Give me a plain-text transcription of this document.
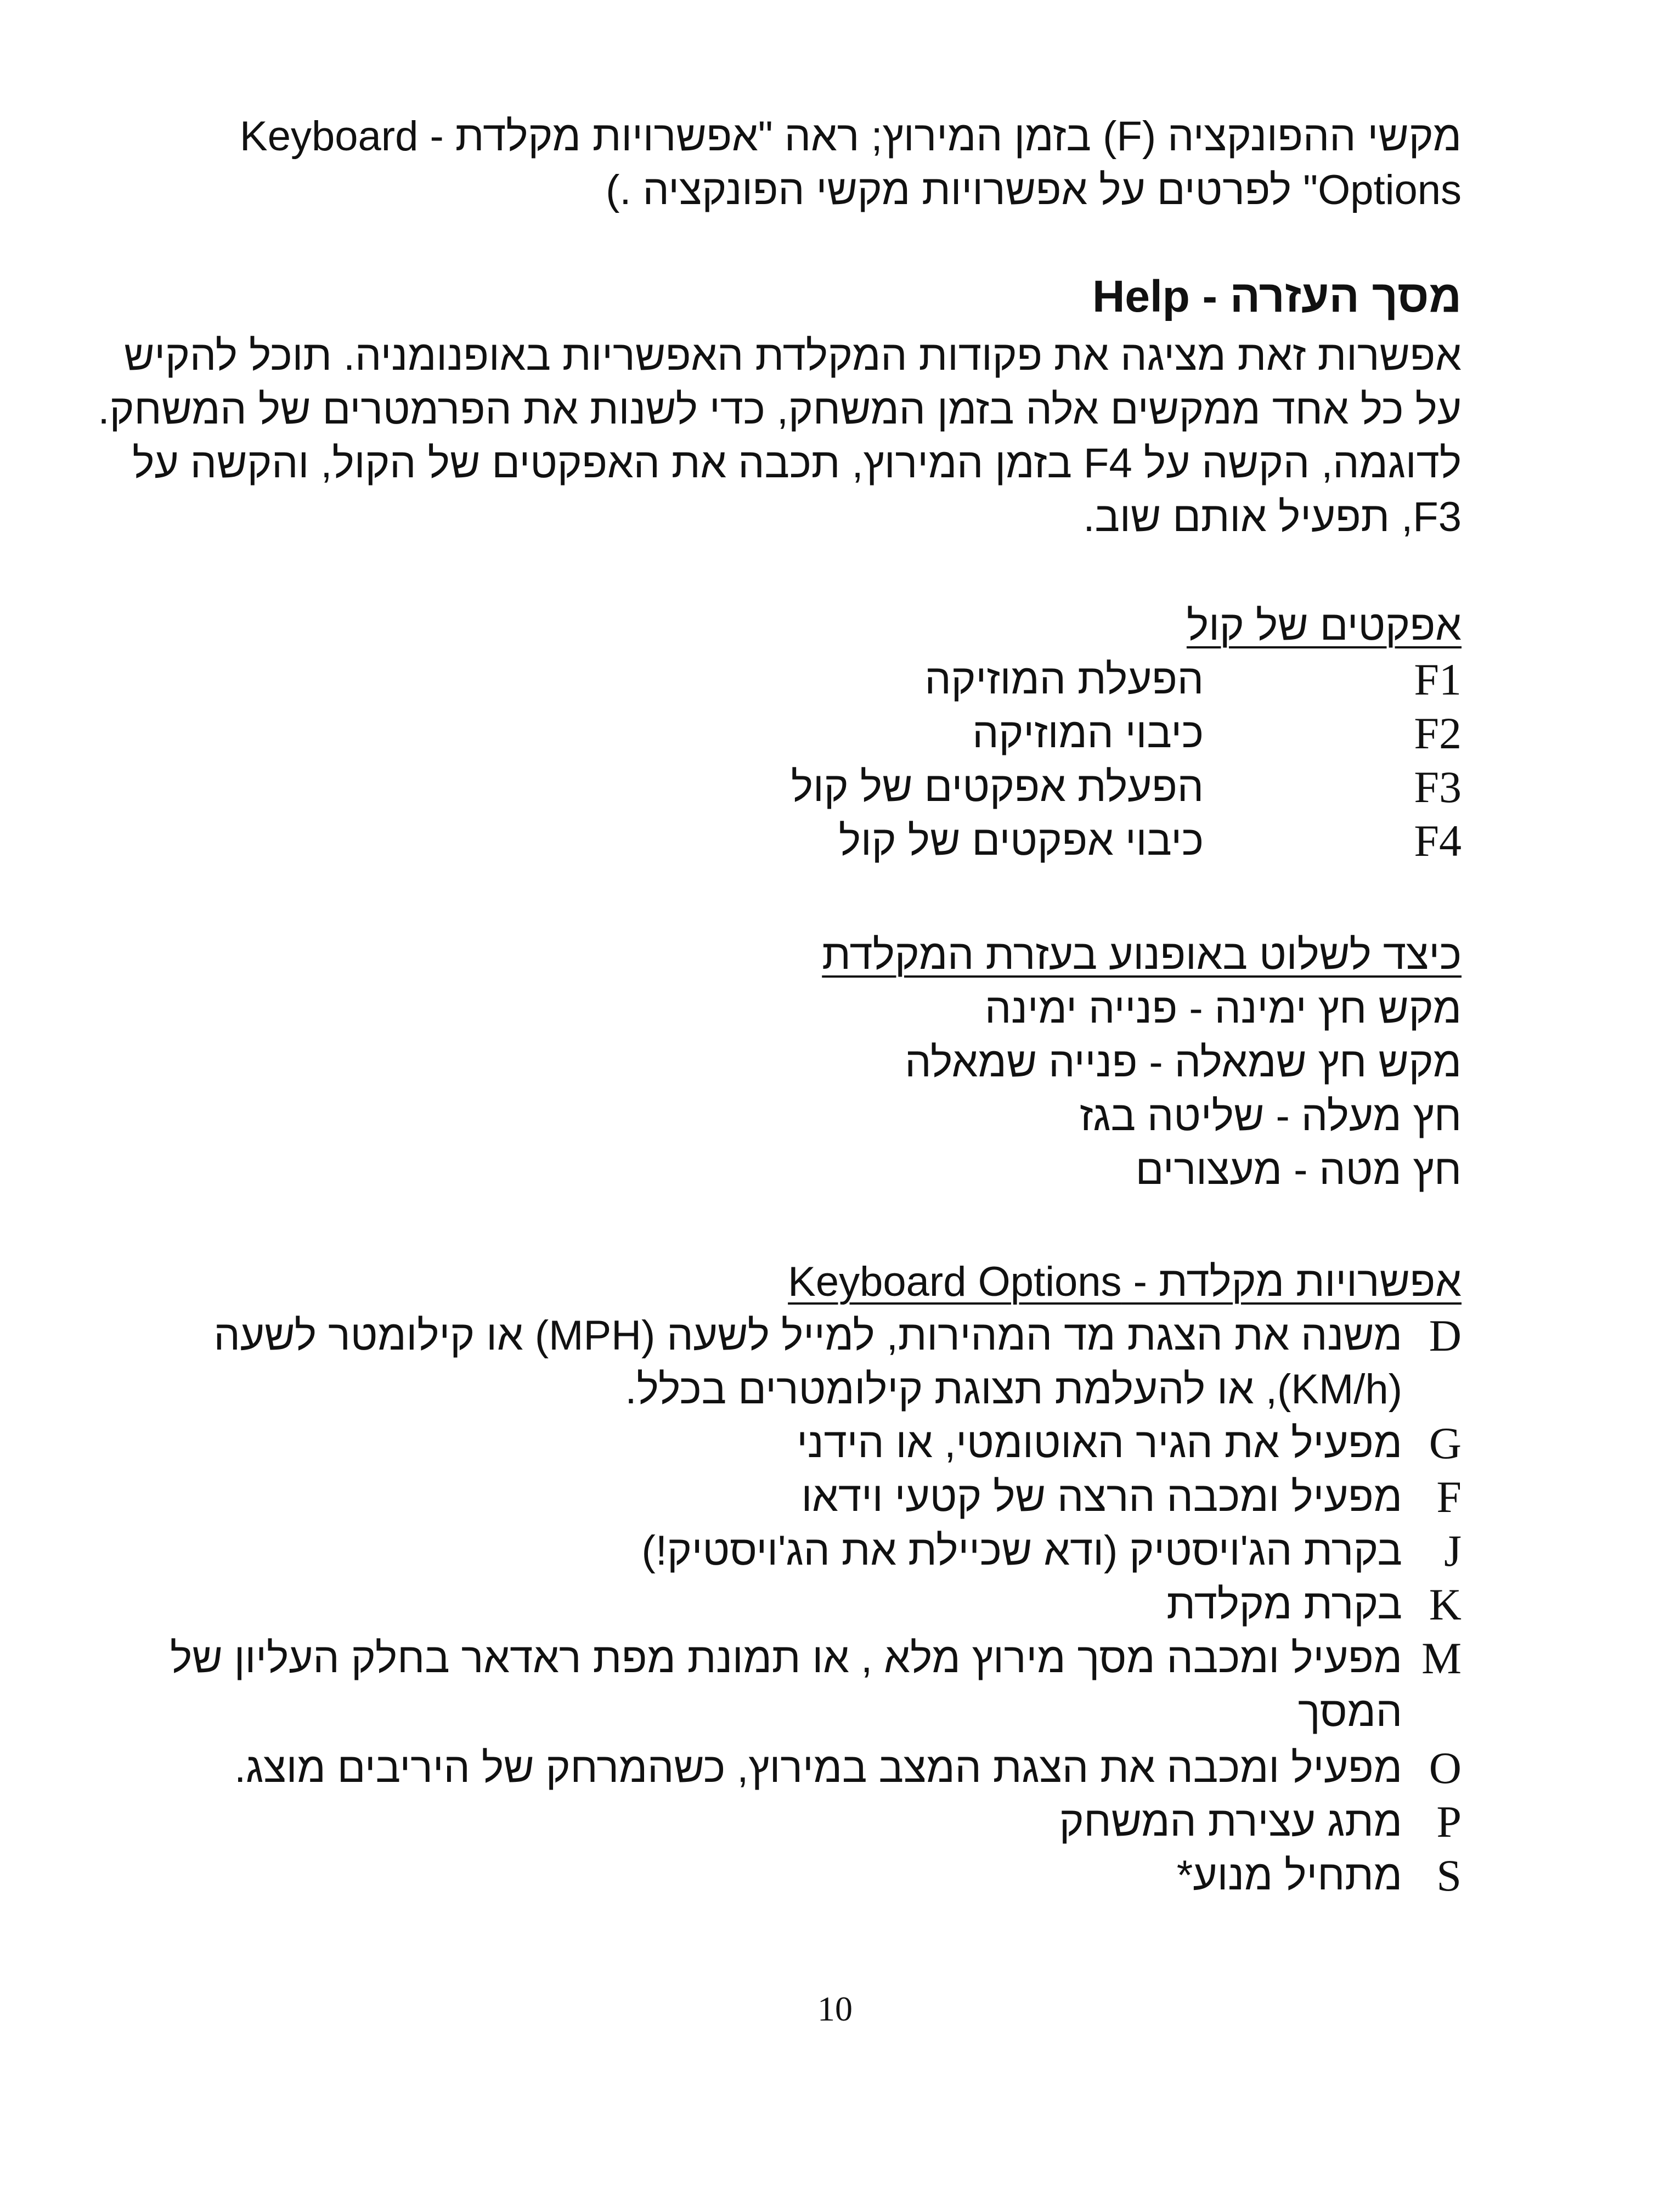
מקשי ההפונקציה (F) בזמן המירוץ; ראה "אפשרויות מקלדת - Keyboard
Options" לפרטים על אפשרויות מקשי הפונקציה .)
מסך העזרה - Help
אפשרות זאת מציגה את פקודות המקלדת האפשריות באופנומניה. תוכל להקיש
על כל אחד ממקשים אלה בזמן המשחק, כדי לשנות את הפרמטרים של המשחק.
לדוגמה, הקשה על F4 בזמן המירוץ, תכבה את האפקטים של הקול, והקשה על
F3, תפעיל אותם שוב.
אפקטים של קול
F1
הפעלת המוזיקה
F2
כיבוי המוזיקה
F3
הפעלת אפקטים של קול
F4
כיבוי אפקטים של קול
כיצד לשלוט באופנוע בעזרת המקלדת
מקש חץ ימינה - פנייה ימינה
מקש חץ שמאלה - פנייה שמאלה
חץ מעלה - שליטה בגז
חץ מטה - מעצורים
אפשרויות מקלדת - Keyboard Options
D
משנה את הצגת מד המהירות, למייל לשעה (MPH) או קילומטר לשעה
(KM/h), או להעלמת תצוגת קילומטרים בכלל.
G
מפעיל את הגיר האוטומטי, או הידני
F
מפעיל ומכבה הרצה של קטעי וידאו
J
בקרת הג'ויסטיק (ודא שכיילת את הג'ויסטיק!)
K
בקרת מקלדת
M
מפעיל ומכבה מסך מירוץ מלא , או תמונת מפת ראדאר בחלק העליון של
המסך
O
מפעיל ומכבה את הצגת המצב במירוץ, כשהמרחק של היריבים מוצג.
P
מתג עצירת המשחק
S
מתחיל מנוע*
10
